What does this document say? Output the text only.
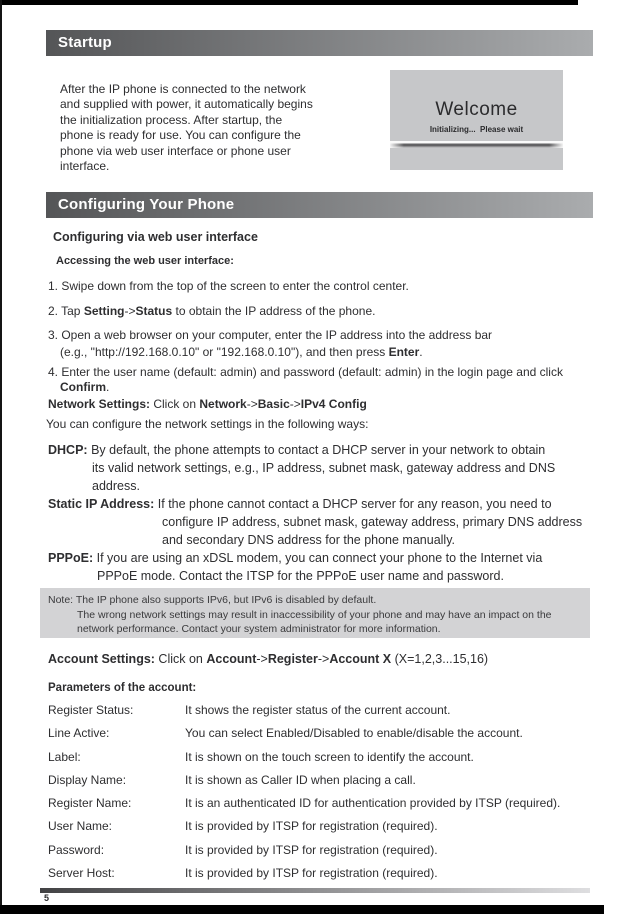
Startup
After the IP phone is connected to the network
and supplied with power, it automatically begins
the initialization process. After startup, the
phone is ready for use. You can configure the
phone via web user interface or phone user
interface.
Welcome
Initializing...  Please wait
Configuring Your Phone
Configuring via web user interface
Accessing the web user interface:
1. Swipe down from the top of the screen to enter the control center.
2. Tap Setting->Status to obtain the IP address of the phone.
3. Open a web browser on your computer, enter the IP address into the address bar
(e.g., "http://192.168.0.10" or "192.168.0.10"), and then press Enter.
4. Enter the user name (default: admin) and password (default: admin) in the login page and click
Confirm.
Network Settings: Click on Network->Basic->IPv4 Config
You can configure the network settings in the following ways:
DHCP: By default, the phone attempts to contact a DHCP server in your network to obtain
its valid network settings, e.g., IP address, subnet mask, gateway address and DNS
address.
Static IP Address: If the phone cannot contact a DHCP server for any reason, you need to
configure IP address, subnet mask, gateway address, primary DNS address
and secondary DNS address for the phone manually.
PPPoE: If you are using an xDSL modem, you can connect your phone to the Internet via
PPPoE mode. Contact the ITSP for the PPPoE user name and password.
Note: The IP phone also supports IPv6, but IPv6 is disabled by default.
The wrong network settings may result in inaccessibility of your phone and may have an impact on the
network performance. Contact your system administrator for more information.
Account Settings: Click on Account->Register->Account X (X=1,2,3...15,16)
Parameters of the account:
Register Status:	It shows the register status of the current account.
Line Active:	You can select Enabled/Disabled to enable/disable the account.
Label:	It is shown on the touch screen to identify the account.
Display Name:	It is shown as Caller ID when placing a call.
Register Name:	It is an authenticated ID for authentication provided by ITSP (required).
User Name:	It is provided by ITSP for registration (required).
Password:	It is provided by ITSP for registration (required).
Server Host:	It is provided by ITSP for registration (required).
5
